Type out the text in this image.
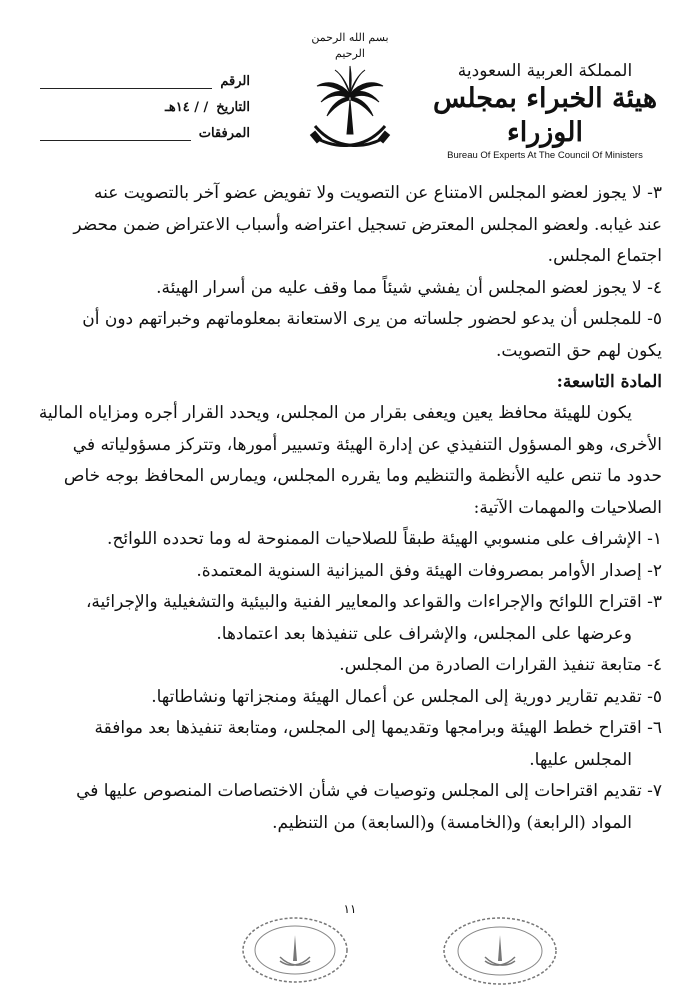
المملكة العربية السعودية
هيئة الخبراء بمجلس الوزراء
Bureau Of Experts At The Council Of Ministers
بسم الله الرحمن الرحيم
الرقم
التاريخ
/ / ١٤هـ
المرفقات

٣- لا يجوز لعضو المجلس الامتناع عن التصويت ولا تفويض عضو آخر بالتصويت عنه

عند غيابه. ولعضو المجلس المعترض تسجيل اعتراضه وأسباب الاعتراض ضمن محضر

اجتماع المجلس.

٤- لا يجوز لعضو المجلس أن يفشي شيئاً مما وقف عليه من أسرار الهيئة.

٥- للمجلس أن يدعو لحضور جلساته من يرى الاستعانة بمعلوماتهم وخبراتهم دون أن

يكون لهم حق التصويت.

المادة التاسعة:

يكون للهيئة محافظ يعين ويعفى بقرار من المجلس، ويحدد القرار أجره ومزاياه المالية

الأخرى، وهو المسؤول التنفيذي عن إدارة الهيئة وتسيير أمورها، وتتركز مسؤولياته في

حدود ما تنص عليه الأنظمة والتنظيم وما يقرره المجلس، ويمارس المحافظ بوجه خاص

الصلاحيات والمهمات الآتية:

١- الإشراف على منسوبي الهيئة طبقاً للصلاحيات الممنوحة له وما تحدده اللوائح.

٢- إصدار الأوامر بمصروفات الهيئة وفق الميزانية السنوية المعتمدة.

٣- اقتراح اللوائح والإجراءات والقواعد والمعايير الفنية والبيئية والتشغيلية والإجرائية،

وعرضها على المجلس، والإشراف على تنفيذها بعد اعتمادها.

٤- متابعة تنفيذ القرارات الصادرة من المجلس.

٥- تقديم تقارير دورية إلى المجلس عن أعمال الهيئة ومنجزاتها ونشاطاتها.

٦- اقتراح خطط الهيئة وبرامجها وتقديمها إلى المجلس، ومتابعة تنفيذها بعد موافقة

المجلس عليها.

٧- تقديم اقتراحات إلى المجلس وتوصيات في شأن الاختصاصات المنصوص عليها في

المواد (الرابعة) و(الخامسة) و(السابعة) من التنظيم.

١١
